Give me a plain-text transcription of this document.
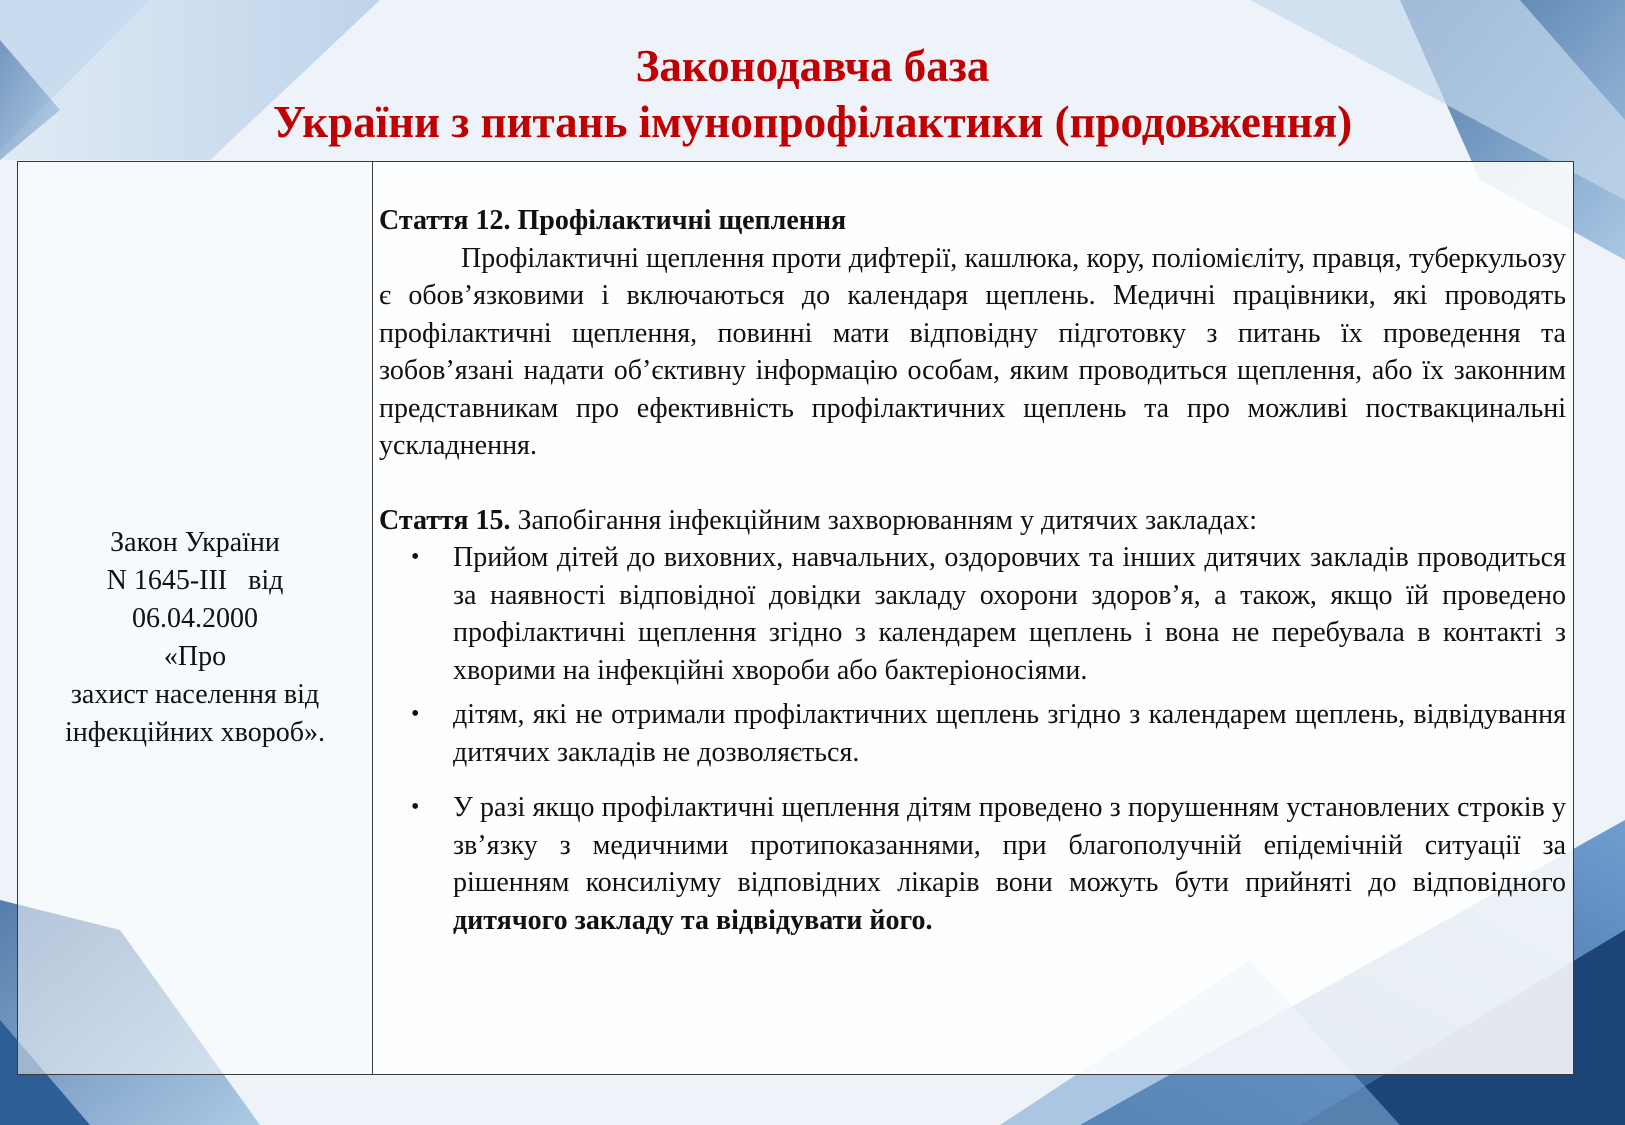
Законодавча база
України з питань імунопрофілактики (продовження)
Закон України
N 1645-III   від
06.04.2000
«Про
захист населення від
інфекційних хвороб».
Стаття 12. Профілактичні щеплення
Профілактичні щеплення проти дифтерії, кашлюка, кору, поліомієліту, правця, туберкульозу є обов’язковими і включаються до календаря щеплень. Медичні працівники, які проводять профілактичні щеплення, повинні мати відповідну підготовку з питань їх проведення та зобов’язані надати об’єктивну інформацію особам, яким проводиться щеплення, або їх законним представникам про ефективність профілактичних щеплень та про можливі поствакцинальні ускладнення.
Стаття 15. Запобігання інфекційним захворюванням у дитячих закладах:
• Прийом дітей до виховних, навчальних, оздоровчих та інших дитячих закладів проводиться за наявності відповідної довідки закладу охорони здоров’я, а також, якщо їй проведено профілактичні щеплення згідно з календарем щеплень і вона не перебувала в контакті з хворими на інфекційні хвороби або бактеріоносіями.
• дітям, які не отримали профілактичних щеплень згідно з календарем щеплень, відвідування дитячих закладів не дозволяється.
• У разі якщо профілактичні щеплення дітям проведено з порушенням установлених строків у зв’язку з медичними протипоказаннями, при благополучній епідемічній ситуації за рішенням консиліуму відповідних лікарів вони можуть бути прийняті до відповідного дитячого закладу та відвідувати його.
